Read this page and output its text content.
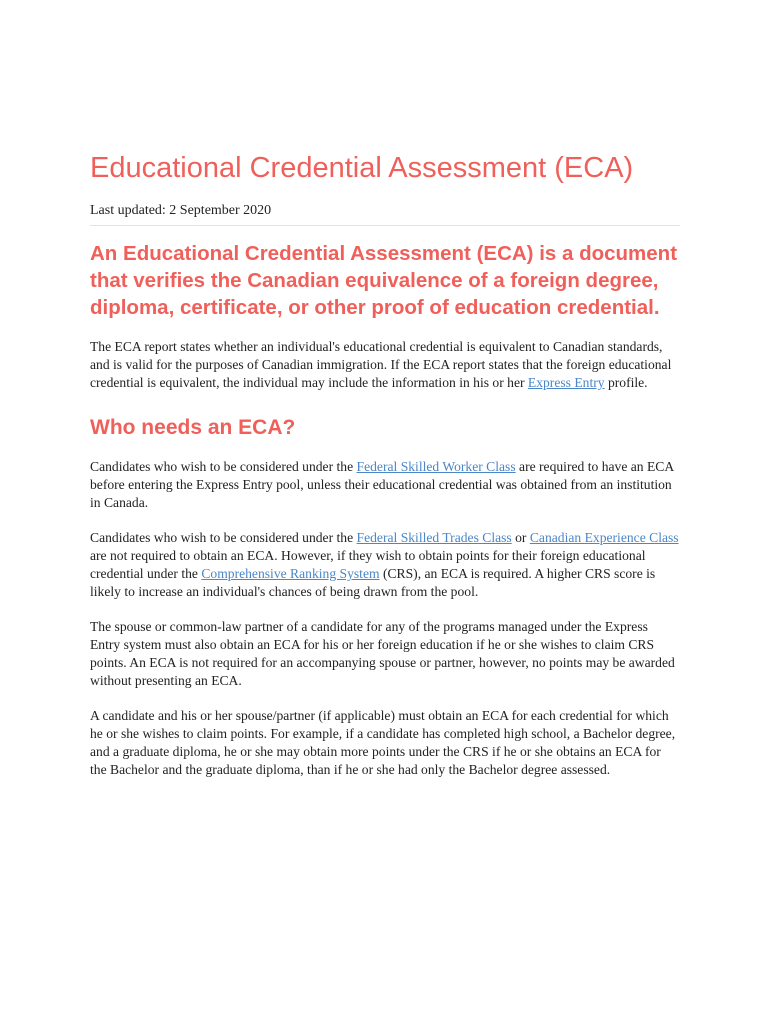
Educational Credential Assessment (ECA)
Last updated: 2 September 2020
An Educational Credential Assessment (ECA) is a document that verifies the Canadian equivalence of a foreign degree, diploma, certificate, or other proof of education credential.

The ECA report states whether an individual's educational credential is equivalent to Canadian standards, and is valid for the purposes of Canadian immigration. If the ECA report states that the foreign educational credential is equivalent, the individual may include the information in his or her Express Entry profile.

Who needs an ECA?

Candidates who wish to be considered under the Federal Skilled Worker Class are required to have an ECA before entering the Express Entry pool, unless their educational credential was obtained from an institution in Canada.

Candidates who wish to be considered under the Federal Skilled Trades Class or Canadian Experience Class are not required to obtain an ECA. However, if they wish to obtain points for their foreign educational credential under the Comprehensive Ranking System (CRS), an ECA is required. A higher CRS score is likely to increase an individual's chances of being drawn from the pool.

The spouse or common-law partner of a candidate for any of the programs managed under the Express Entry system must also obtain an ECA for his or her foreign education if he or she wishes to claim CRS points. An ECA is not required for an accompanying spouse or partner, however, no points may be awarded without presenting an ECA.

A candidate and his or her spouse/partner (if applicable) must obtain an ECA for each credential for which he or she wishes to claim points. For example, if a candidate has completed high school, a Bachelor degree, and a graduate diploma, he or she may obtain more points under the CRS if he or she obtains an ECA for the Bachelor and the graduate diploma, than if he or she had only the Bachelor degree assessed.
